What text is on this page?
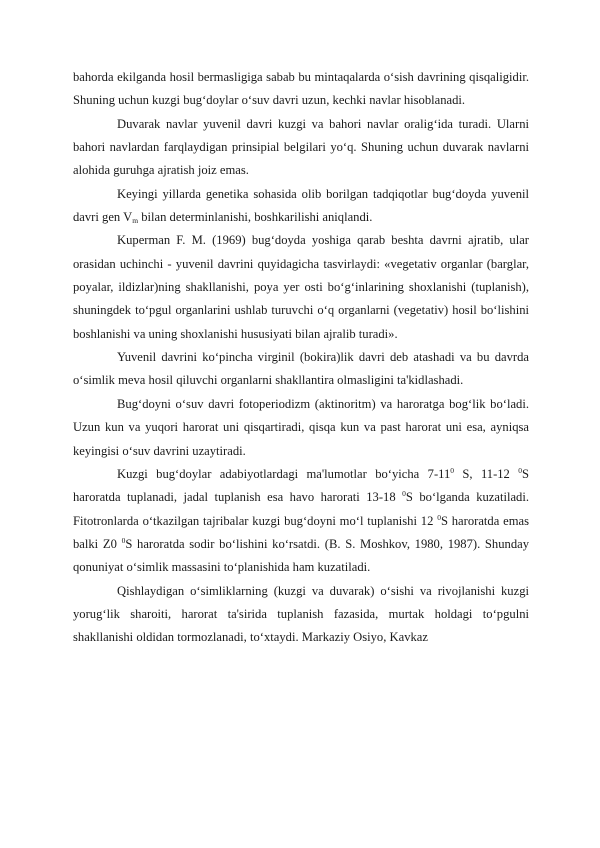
bahorda ekilganda hosil bermasligiga sabab bu mintaqalarda o‘sish davrining qisqaligidir. Shuning uchun kuzgi bug‘doylar o‘suv davri uzun, kechki navlar hisoblanadi.

Duvarak navlar yuvenil davri kuzgi va bahori navlar oralig‘ida turadi. Ularni bahori navlardan farqlaydigan prinsipial belgilari yo‘q. Shuning uchun duvarak navlarni alohida guruhga ajratish joiz emas.

Keyingi yillarda genetika sohasida olib borilgan tadqiqotlar bug‘doyda yuvenil davri gen $V_m$ bilan determinlanishi, boshkarilishi aniqlandi.

Kuperman F. M. (1969) bug‘doyda yoshiga qarab beshta davrni ajratib, ular orasidan uchinchi - yuvenil davrini quyidagicha tasvirlaydi: «vegetativ organlar (barglar, poyalar, ildizlar)ning shakllanishi, poya yer osti bo‘g‘inlarining shoxlanishi (tuplanish), shuningdek to‘pgul organlarini ushlab turuvchi o‘q organlarni (vegetativ) hosil bo‘lishini boshlanishi va uning shoxlanishi hususiyati bilan ajralib turadi».

Yuvenil davrini ko‘pincha virginil (bokira)lik davri deb atashadi va bu davrda o‘simlik meva hosil qiluvchi organlarni shakllantira olmasligini ta'kidlashadi.

Bug‘doyni o‘suv davri fotoperiodizm (aktinoritm) va haroratga bog‘lik bo‘ladi. Uzun kun va yuqori harorat uni qisqartiradi, qisqa kun va past harorat uni esa, ayniqsa keyingisi o‘suv davrini uzaytiradi.

Kuzgi bug‘doylar adabiyotlardagi ma'lumotlar bo‘yicha $7-11^0$ S, 11-12 $^0$S haroratda tuplanadi, jadal tuplanish esa havo harorati 13-18 $^0$S bo‘lganda kuzatiladi. Fitotronlarda o‘tkazilgan tajribalar kuzgi bug‘doyni mo‘l tuplanishi 12 $^0$S haroratda emas balki Z0 $^0$S haroratda sodir bo‘lishini ko‘rsatdi. (B. S. Moshkov, 1980, 1987). Shunday qonuniyat o‘simlik massasini to‘planishida ham kuzatiladi.

Qishlaydigan o‘simliklarning (kuzgi va duvarak) o‘sishi va rivojlanishi kuzgi yorug‘lik sharoiti, harorat ta'sirida tuplanish fazasida, murtak holdagi to‘pgulni shakllanishi oldidan tormozlanadi, to‘xtaydi. Markaziy Osiyo, Kavkaz
